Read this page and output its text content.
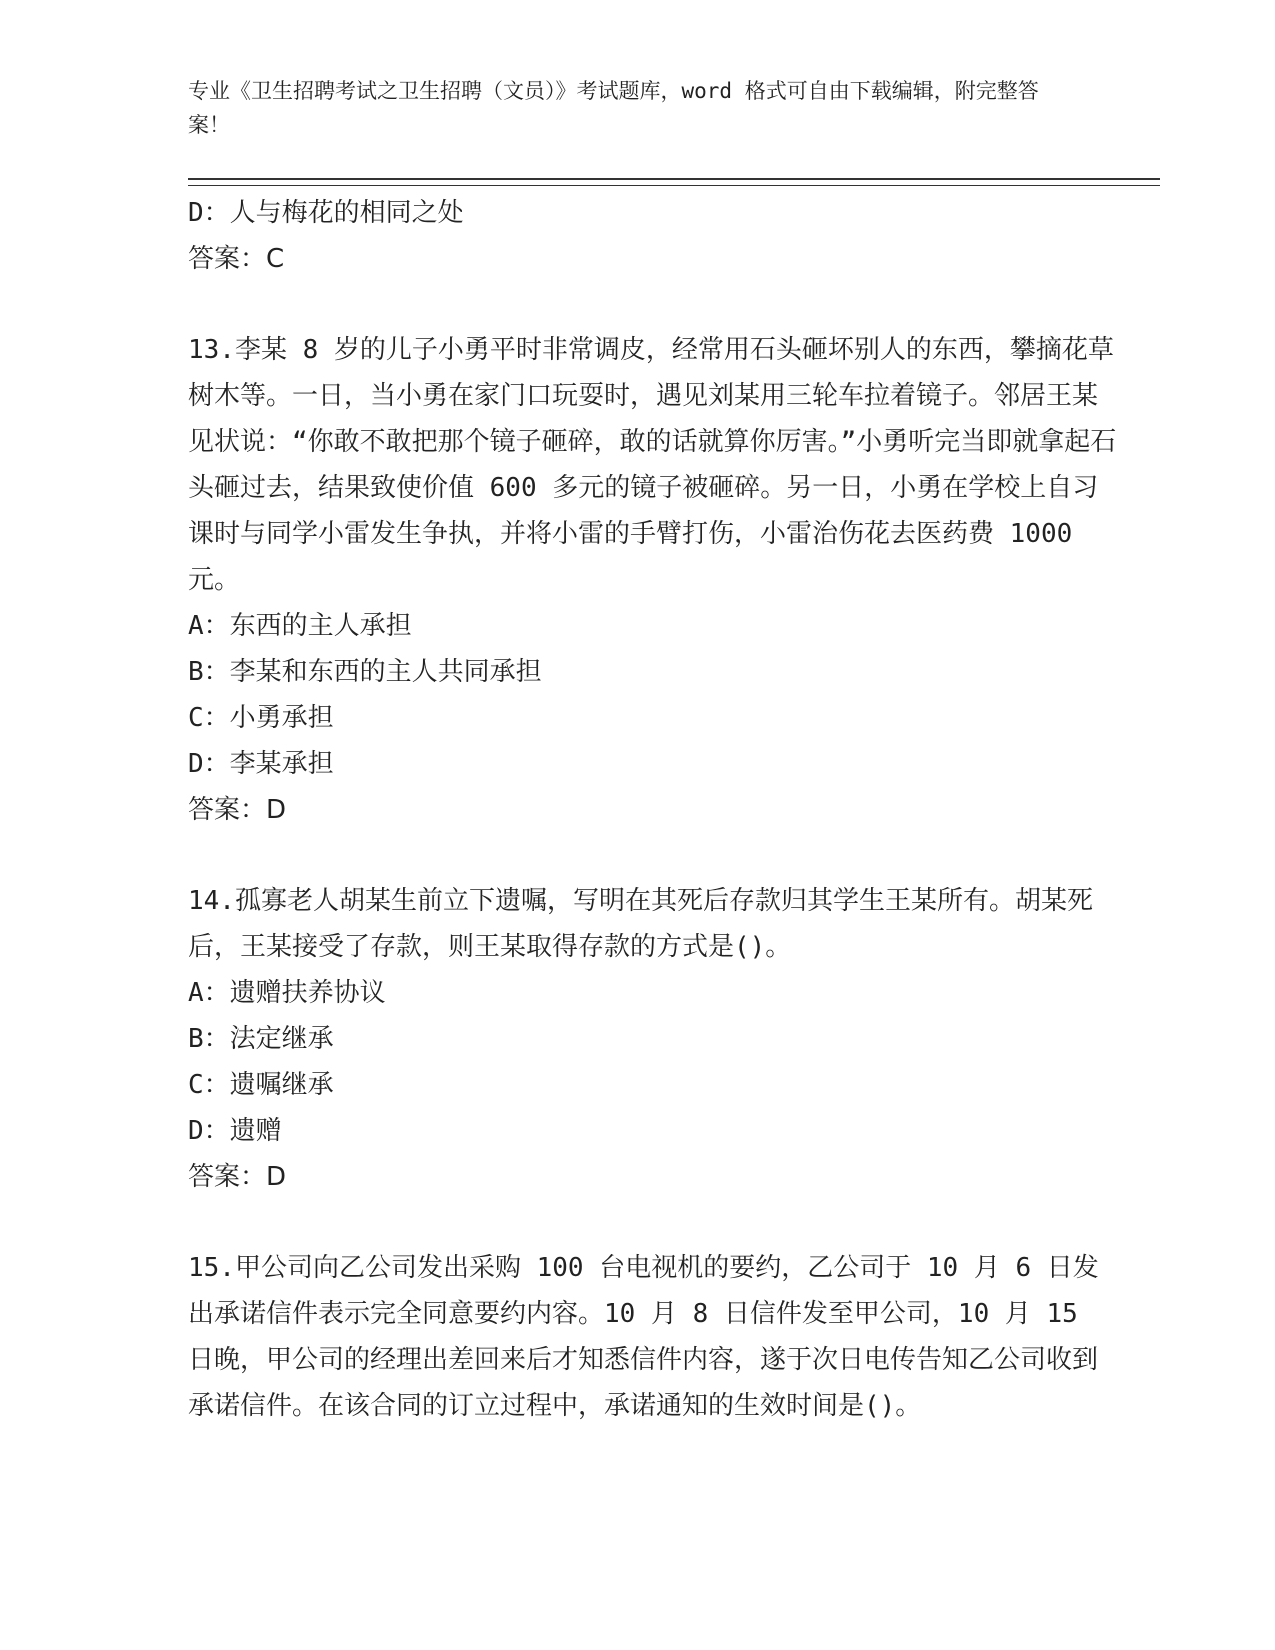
专业《卫生招聘考试之卫生招聘（文员）》考试题库，word 格式可自由下载编辑，附完整答案！

D：人与梅花的相同之处

答案：C

13.李某 8 岁的儿子小勇平时非常调皮，经常用石头砸坏别人的东西，攀摘花草树木等。一日，当小勇在家门口玩耍时，遇见刘某用三轮车拉着镜子。邻居王某见状说：“你敢不敢把那个镜子砸碎，敢的话就算你厉害。”小勇听完当即就拿起石头砸过去，结果致使价值 600 多元的镜子被砸碎。另一日，小勇在学校上自习课时与同学小雷发生争执，并将小雷的手臂打伤，小雷治伤花去医药费 1000 元。

A：东西的主人承担

B：李某和东西的主人共同承担

C：小勇承担

D：李某承担

答案：D

14.孤寡老人胡某生前立下遗嘱，写明在其死后存款归其学生王某所有。胡某死后，王某接受了存款，则王某取得存款的方式是()。

A：遗赠扶养协议

B：法定继承

C：遗嘱继承

D：遗赠

答案：D

15.甲公司向乙公司发出采购 100 台电视机的要约，乙公司于 10 月 6 日发出承诺信件表示完全同意要约内容。10 月 8 日信件发至甲公司，10 月 15 日晚，甲公司的经理出差回来后才知悉信件内容，遂于次日电传告知乙公司收到承诺信件。在该合同的订立过程中，承诺通知的生效时间是()。
